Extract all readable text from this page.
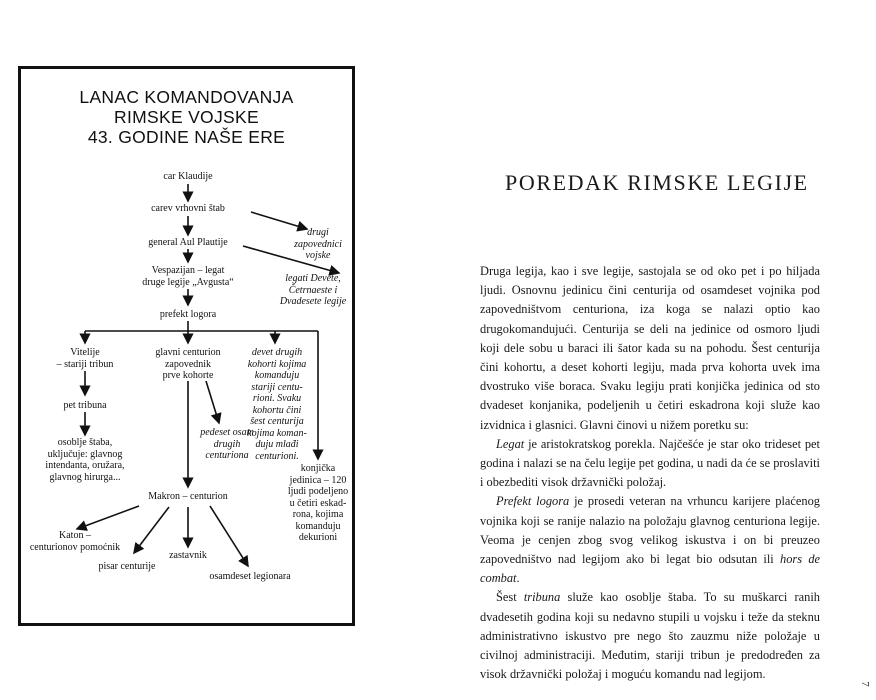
LANAC KOMANDOVANJA
RIMSKE VOJSKE
43. GODINE NAŠE ERE
car Klaudije
carev vrhovni štab
drugi
zapovednici
vojske
general Aul Plautije
legati Devete,
Četrnaeste i
Dvadesete legije
Vespazijan – legat
druge legije „Avgusta“
prefekt logora
Vitelije
– stariji tribun
glavni centurion
zapovednik
prve kohorte
devet drugih
kohorti kojima
komanduju
stariji centu-
rioni. Svaku
kohortu čini
šest centurija
kojima koman-
duju mlađi
centurioni.
pet tribuna
osoblje štaba,
uključuje: glavnog
intendanta, oružara,
glavnog hirurga...
pedeset osam
drugih
centuriona
konjička
jedinica – 120
ljudi podeljeno
u četiri eskad-
rona, kojima
komanduju
dekurioni
Makron – centurion
Katon –
centurionov pomoćnik
zastavnik
pisar centurije
osamdeset legionara
POREDAK RIMSKE LEGIJE

Druga legija, kao i sve legije, sastojala se od oko pet i po hiljada ljudi. Osnovnu jedinicu čini centurija od osamdeset vojnika pod zapovedništvom centuriona, iza koga se nalazi optio kao drugokomandujući. Centurija se deli na jedinice od osmoro ljudi koji dele sobu u baraci ili šator kada su na pohodu. Šest centurija čini kohortu, a deset kohorti legiju, mada prva kohorta uvek ima dvostruko više boraca. Svaku legiju prati konjička jedinica od sto dvadeset konjanika, podeljenih u četiri eskadrona koji služe kao izvidnica i glasnici. Glavni činovi u nižem poretku su:

Legat je aristokratskog porekla. Najčešće je star oko trideset pet godina i nalazi se na čelu legije pet godina, u nadi da će se proslaviti i obezbediti visok državnički položaj.

Prefekt logora je prosedi veteran na vrhuncu karijere plaćenog vojnika koji se ranije nalazio na položaju glavnog centuriona legije. Veoma je cenjen zbog svog velikog iskustva i on bi preuzeo zapovedništvo nad legijom ako bi legat bio odsutan ili hors de combat.

Šest tribuna služe kao osoblje štaba. To su muškarci ranih dvadesetih godina koji su nedavno stupili u vojsku i teže da steknu administrativno iskustvo pre nego što zauzmu niže položaje u civilnoj administraciji. Međutim, stariji tribun je predodređen za visok državnički položaj i moguću komandu nad legijom.

7
